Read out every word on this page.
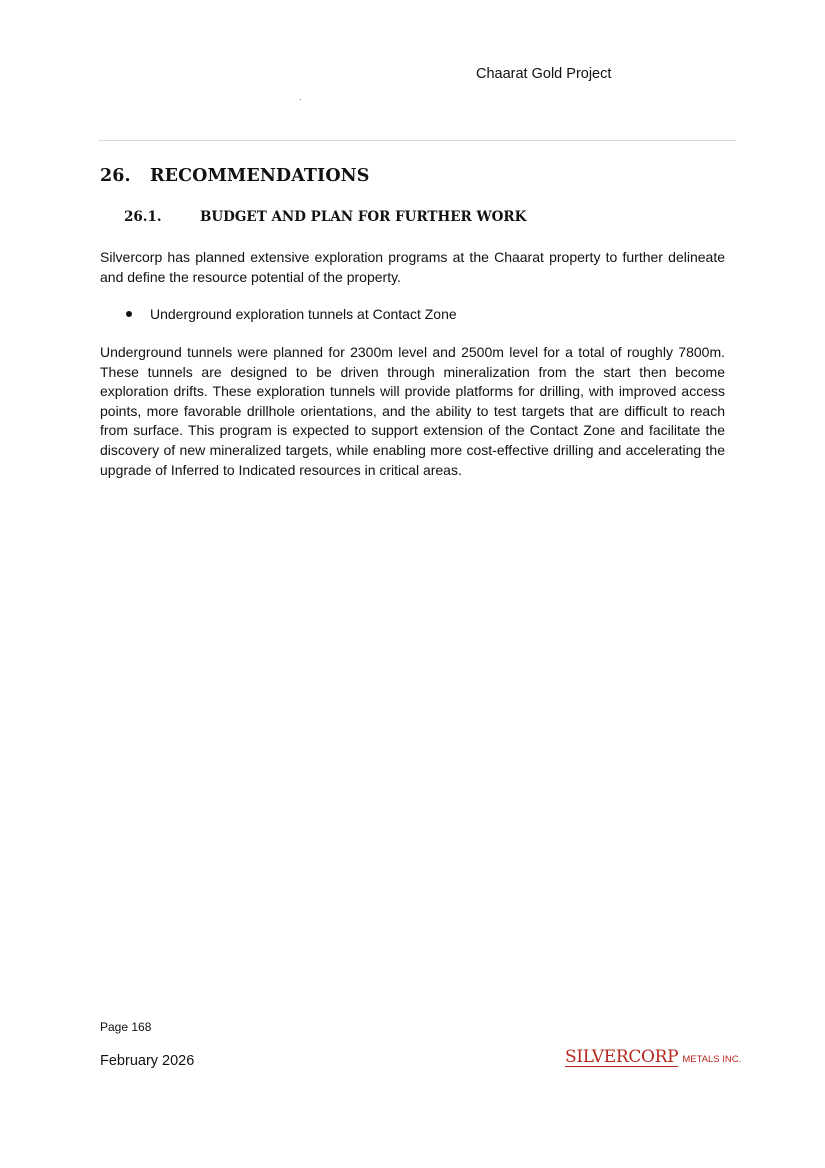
Chaarat Gold Project
26. RECOMMENDATIONS
26.1.	BUDGET AND PLAN FOR FURTHER WORK

Silvercorp has planned extensive exploration programs at the Chaarat property to further delineate and define the resource potential of the property.

Underground exploration tunnels at Contact Zone

Underground tunnels were planned for 2300m level and 2500m level for a total of roughly 7800m. These tunnels are designed to be driven through mineralization from the start then become exploration drifts. These exploration tunnels will provide platforms for drilling, with improved access points, more favorable drillhole orientations, and the ability to test targets that are difficult to reach from surface. This program is expected to support extension of the Contact Zone and facilitate the discovery of new mineralized targets, while enabling more cost-effective drilling and accelerating the upgrade of Inferred to Indicated resources in critical areas.

Page 168
February 2026	SILVERCORP METALS INC.
